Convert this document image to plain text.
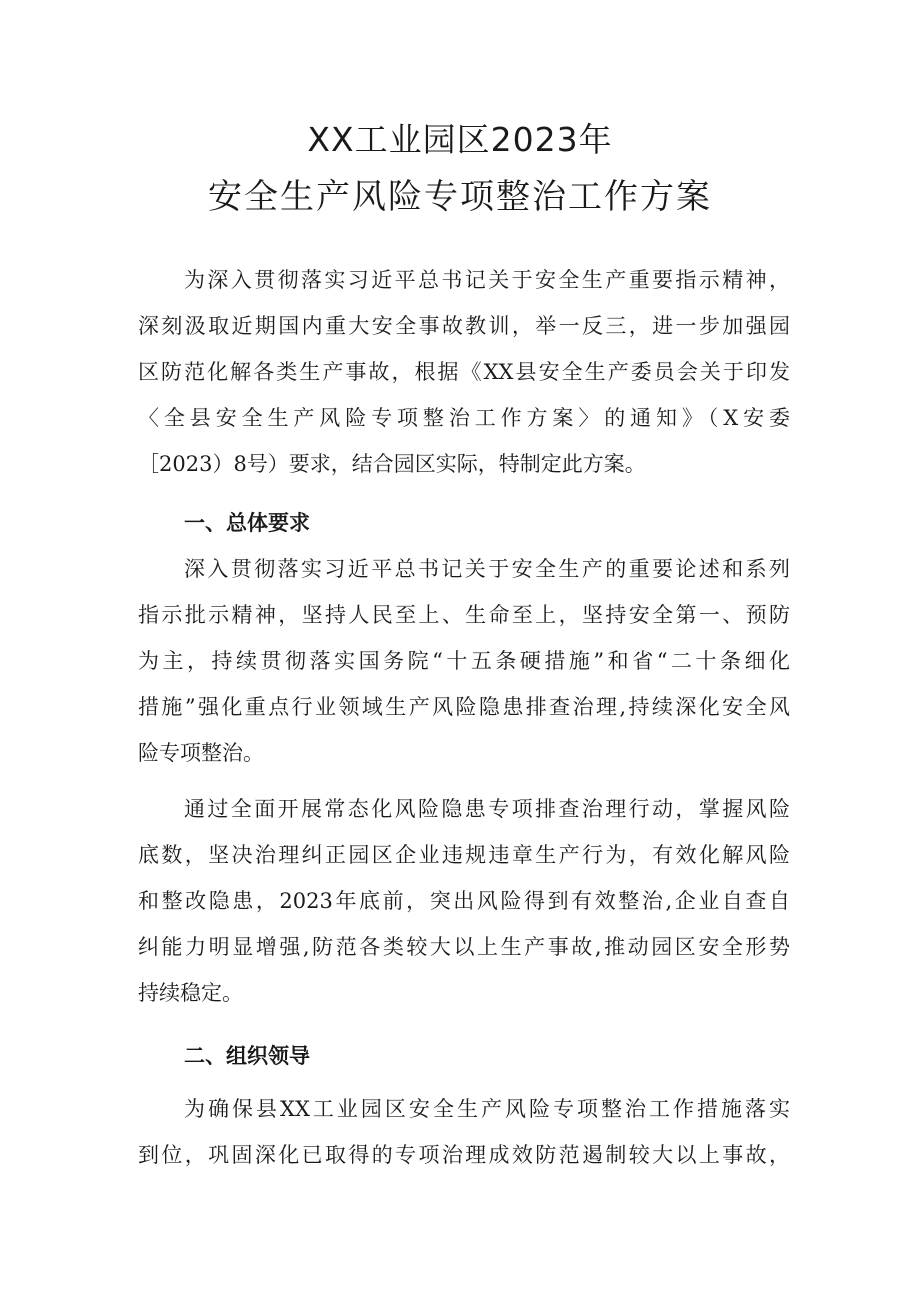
XX工业园区2023年
安全生产风险专项整治工作方案
为深入贯彻落实习近平总书记关于安全生产重要指示精神，
深刻汲取近期国内重大安全事故教训，举一反三，进一步加强园
区防范化解各类生产事故，根据《XX县安全生产委员会关于印发
〈全县安全生产风险专项整治工作方案〉的通知》（X安委
［2023）8号）要求，结合园区实际，特制定此方案。
一、总体要求
深入贯彻落实习近平总书记关于安全生产的重要论述和系列
指示批示精神，坚持人民至上、生命至上，坚持安全第一、预防
为主，持续贯彻落实国务院“十五条硬措施”和省“二十条细化
措施”强化重点行业领域生产风险隐患排查治理,持续深化安全风
险专项整治。
通过全面开展常态化风险隐患专项排查治理行动，掌握风险
底数，坚决治理纠正园区企业违规违章生产行为，有效化解风险
和整改隐患，2023年底前，突出风险得到有效整治,企业自查自
纠能力明显增强,防范各类较大以上生产事故,推动园区安全形势
持续稳定。
二、组织领导
为确保县XX工业园区安全生产风险专项整治工作措施落实
到位，巩固深化已取得的专项治理成效防范遏制较大以上事故，
